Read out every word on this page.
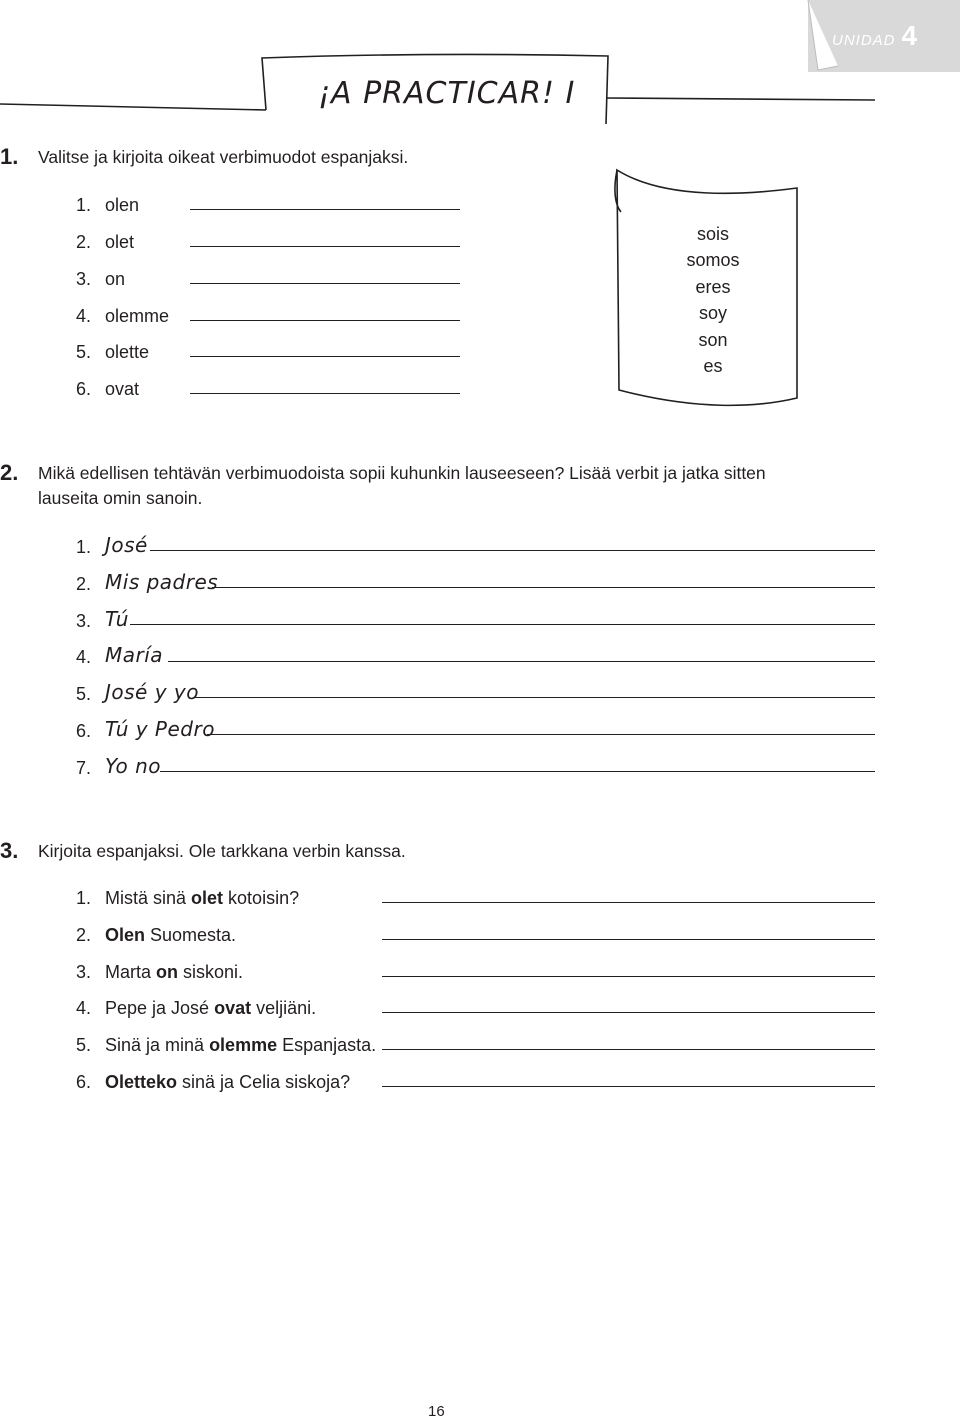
UNIDAD 4
¡A PRACTICAR! I
1. Valitse ja kirjoita oikeat verbimuodot espanjaksi.
1. olen
2. olet
3. on
4. olemme
5. olette
6. ovat
sois
somos
eres
soy
son
es
2. Mikä edellisen tehtävän verbimuodoista sopii kuhunkin lauseeseen? Lisää verbit ja jatka sitten
lauseita omin sanoin.
1. José
2. Mis padres
3. Tú
4. María
5. José y yo
6. Tú y Pedro
7. Yo no
3. Kirjoita espanjaksi. Ole tarkkana verbin kanssa.
1. Mistä sinä olet kotoisin?
2. Olen Suomesta.
3. Marta on siskoni.
4. Pepe ja José ovat veljiäni.
5. Sinä ja minä olemme Espanjasta.
6. Oletteko sinä ja Celia siskoja?
16
